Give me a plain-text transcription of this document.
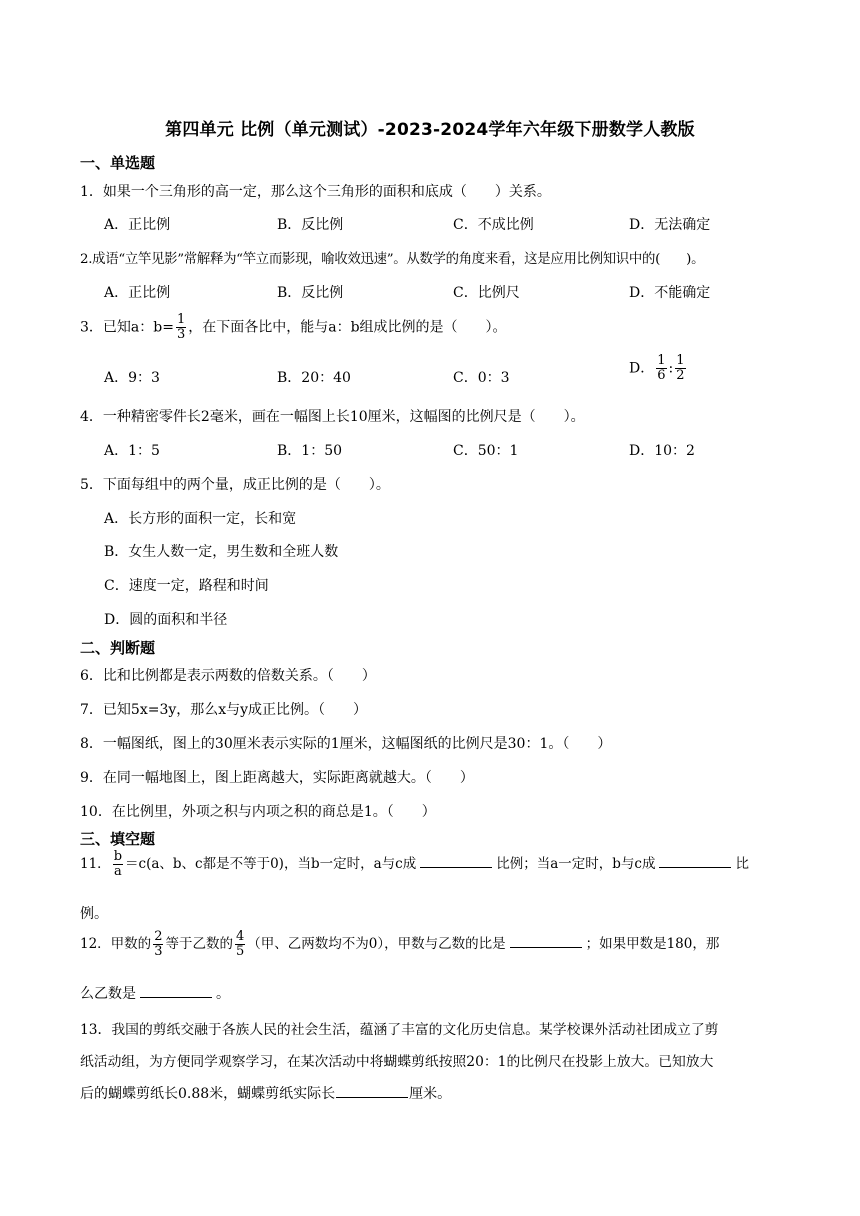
第四单元 比例（单元测试）-2023-2024学年六年级下册数学人教版
一、单选题
1．如果一个三角形的高一定，那么这个三角形的面积和底成（　　）关系。
A．正比例	B．反比例	C．不成比例	D．无法确定
2.成语“立竿见影”常解释为“竿立而影现，喻收效迅速”。从数学的角度来看，这是应用比例知识中的(　　)。
A．正比例	B．反比例	C．比例尺	D．不能确定
3．已知a：$b= \frac{1}{3}$ ，在下面各比中，能与a：b组成比例的是（　　）。
A．9：3	B．20：40	C．0：3
D． $\frac{1}{6}$ : $\frac{1}{2}$
4．一种精密零件长2毫米，画在一幅图上长10厘米，这幅图的比例尺是（　　）。
A．1：5	B．1：50	C．50：1	D．10：2
5．下面每组中的两个量，成正比例的是（　　）。
A．长方形的面积一定，长和宽
B．女生人数一定，男生数和全班人数
C．速度一定，路程和时间
D．圆的面积和半径
二、判断题
6．比和比例都是表示两数的倍数关系。（　　）
7．已知5x=3y，那么x与y成正比例。（　　）
8．一幅图纸，图上的30厘米表示实际的1厘米，这幅图纸的比例尺是30：1。（　　）
9．在同一幅地图上，图上距离越大，实际距离就越大。（　　）
10．在比例里，外项之积与内项之积的商总是1。（　　）
三、填空题
11． $\frac{b}{a} =c(a$、b、c都是不等于0)，当b一定时，a与c成	比例；当a一定时，b与c成	比
例。
12．甲数的 $\frac{2}{3}$ 等于乙数的 $\frac{4}{5}$ （甲、乙两数均不为0），甲数与乙数的比是	；如果甲数是180，那
么乙数是	。
13．我国的剪纸交融于各族人民的社会生活，蕴涵了丰富的文化历史信息。某学校课外活动社团成立了剪
纸活动组，为方便同学观察学习，在某次活动中将蝴蝶剪纸按照20：1的比例尺在投影上放大。已知放大
后的蝴蝶剪纸长0.88米，蝴蝶剪纸实际长	厘米。
